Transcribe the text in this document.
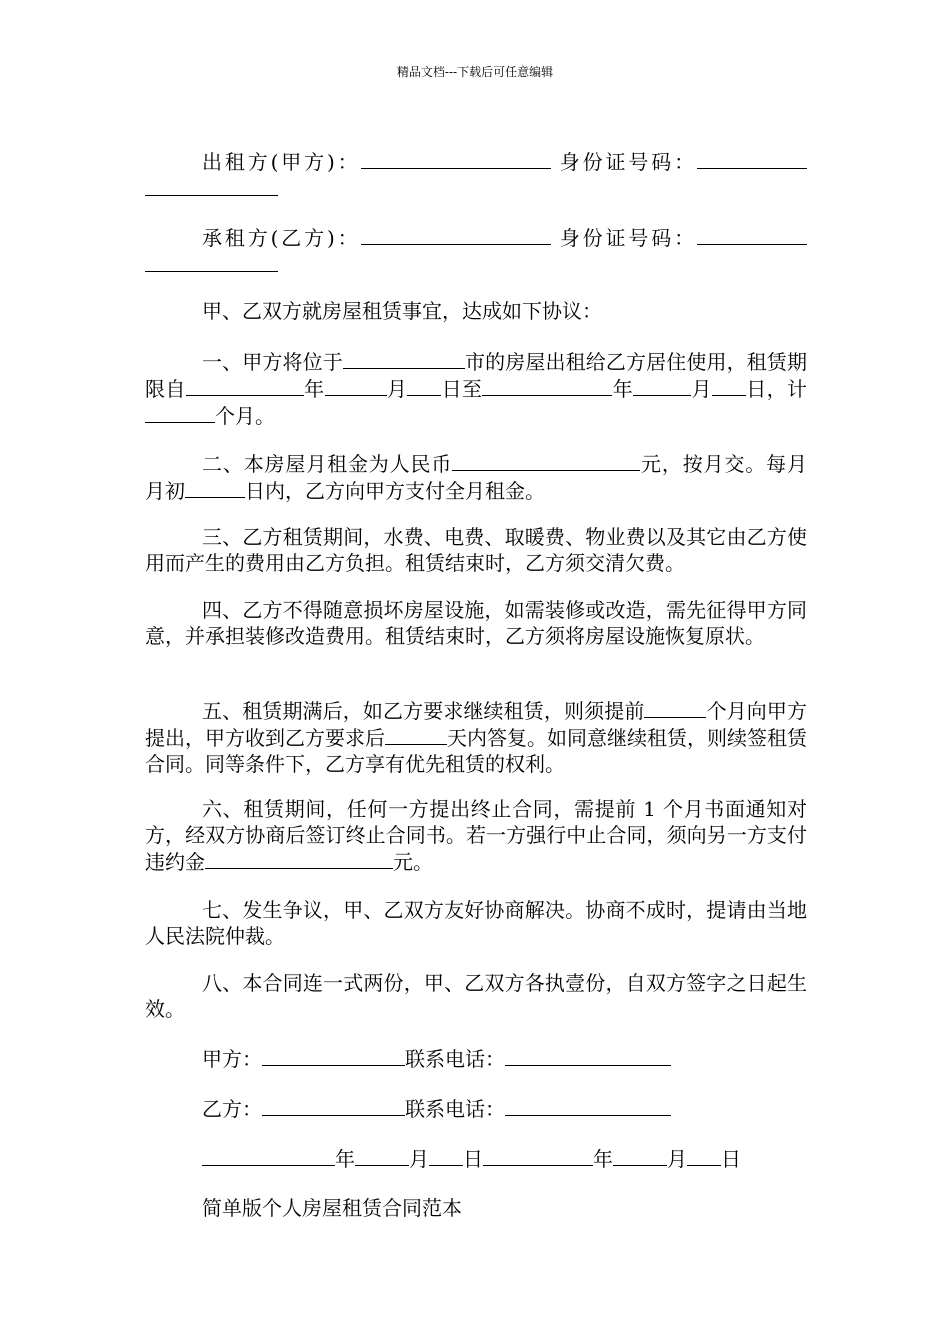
精品文档---下载后可任意编辑

出租方(甲方)：	身份证号码：

承租方(乙方)：	身份证号码：

甲、乙双方就房屋租赁事宜，达成如下协议：

一、甲方将位于	市的房屋出租给乙方居住使用，租赁期限自	年	月 日至	年	月 日，计个月。

二、本房屋月租金为人民币	元，按月交。每月月初	日内，乙方向甲方支付全月租金。

三、乙方租赁期间，水费、电费、取暖费、物业费以及其它由乙方使用而产生的费用由乙方负担。租赁结束时，乙方须交清欠费。

四、乙方不得随意损坏房屋设施，如需装修或改造，需先征得甲方同意，并承担装修改造费用。租赁结束时，乙方须将房屋设施恢复原状。

五、租赁期满后，如乙方要求继续租赁，则须提前	个月向甲方提出，甲方收到乙方要求后	天内答复。如同意继续租赁，则续签租赁合同。同等条件下，乙方享有优先租赁的权利。

六、租赁期间，任何一方提出终止合同，需提前 1 个月书面通知对方，经双方协商后签订终止合同书。若一方强行中止合同，须向另一方支付违约金	元。

七、发生争议，甲、乙双方友好协商解决。协商不成时，提请由当地人民法院仲裁。

八、本合同连一式两份，甲、乙双方各执壹份，自双方签字之日起生效。

甲方：	联系电话：

乙方：	联系电话：

年	月 日	年	月 日

简单版个人房屋租赁合同范本
